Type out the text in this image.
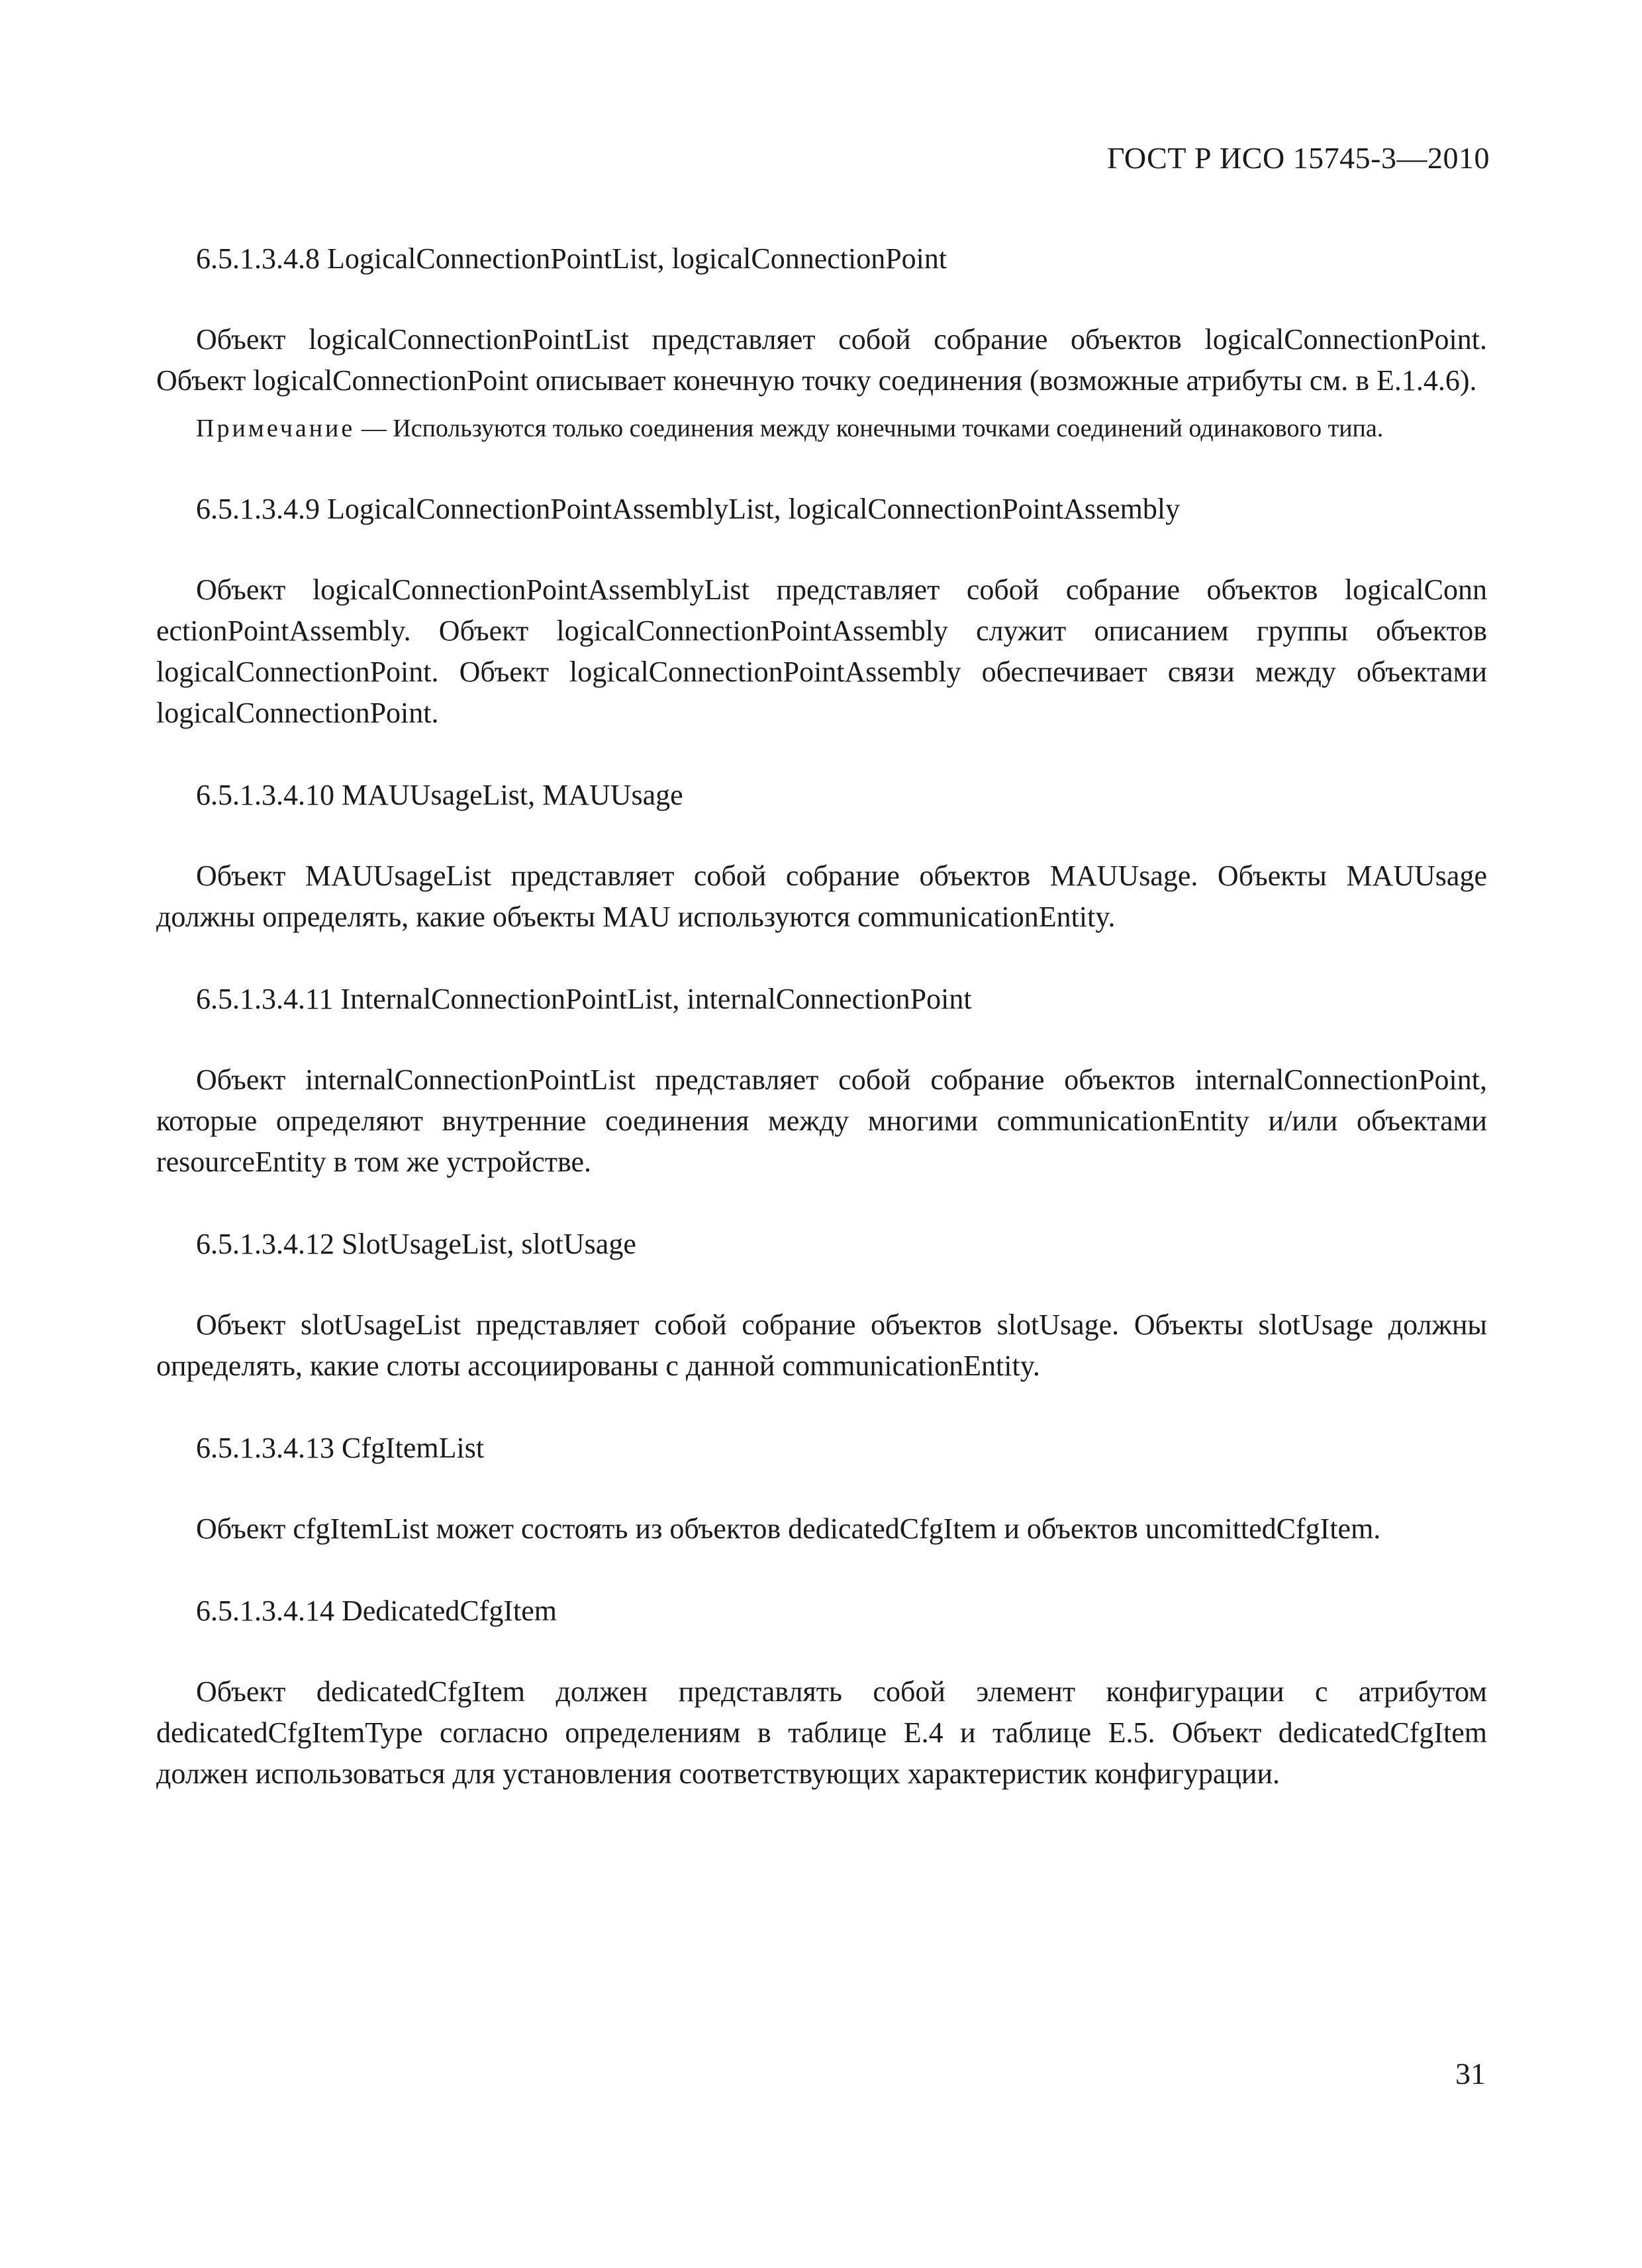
ГОСТ Р ИСО 15745-3—2010
6.5.1.3.4.8 LogicalConnectionPointList, logicalConnectionPoint
Объект logicalConnectionPointList представляет собой собрание объектов logicalConnectionPoint. Объект logicalConnectionPoint описывает конечную точку соединения (возможные атрибуты см. в Е.1.4.6).
Примечание — Используются только соединения между конечными точками соединений одинакового типа.
6.5.1.3.4.9 LogicalConnectionPointAssemblyList, logicalConnectionPointAssembly
Объект logicalConnectionPointAssemblyList представляет собой собрание объектов logicalConn ectionPointAssembly. Объект logicalConnectionPointAssembly служит описанием группы объектов logicalConnectionPoint. Объект logicalConnectionPointAssembly обеспечивает связи между объектами logicalConnectionPoint.
6.5.1.3.4.10 MAUUsageList, MAUUsage
Объект MAUUsageList представляет собой собрание объектов MAUUsage. Объекты MAUUsage должны определять, какие объекты MAU используются communicationEntity.
6.5.1.3.4.11 InternalConnectionPointList, internalConnectionPoint
Объект internalConnectionPointList представляет собой собрание объектов internalConnectionPoint, которые определяют внутренние соединения между многими communicationEntity и/или объектами resourceEntity в том же устройстве.
6.5.1.3.4.12 SlotUsageList, slotUsage
Объект slotUsageList представляет собой собрание объектов slotUsage. Объекты slotUsage должны определять, какие слоты ассоциированы с данной communicationEntity.
6.5.1.3.4.13 CfgItemList
Объект cfgItemList может состоять из объектов dedicatedCfgItem и объектов uncomittedCfgItem.
6.5.1.3.4.14 DedicatedCfgItem
Объект dedicatedCfgItem должен представлять собой элемент конфигурации с атрибутом dedicatedCfgItemType согласно определениям в таблице Е.4 и таблице Е.5. Объект dedicatedCfgItem должен использоваться для установления соответствующих характеристик конфигурации.
31
